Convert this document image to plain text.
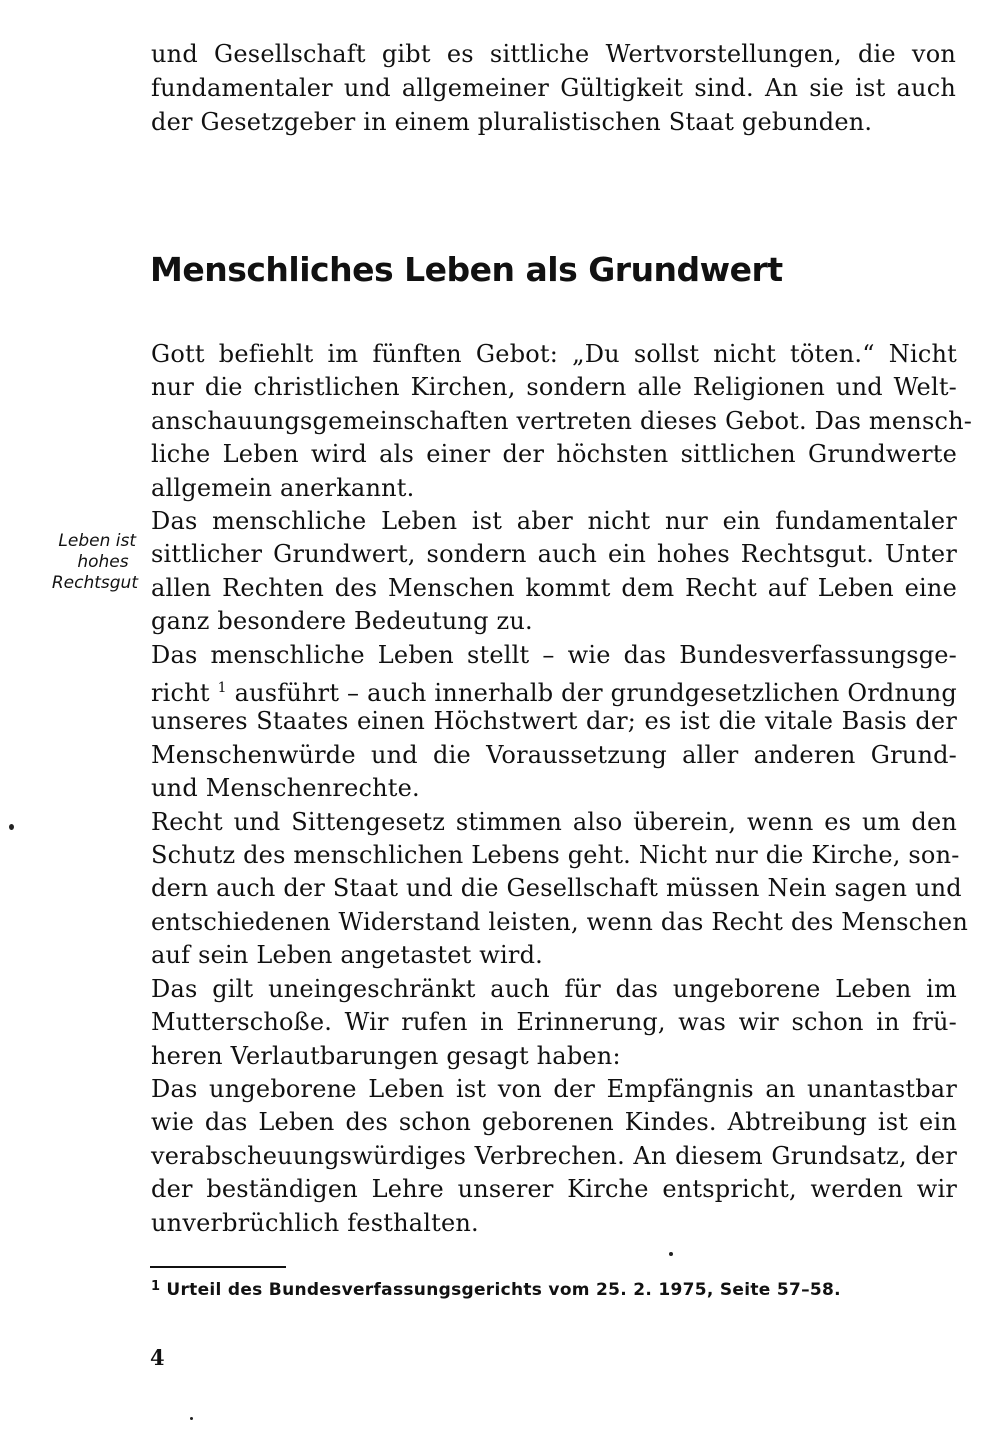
und Gesellschaft gibt es sittliche Wertvorstellungen, die von
fundamentaler und allgemeiner Gültigkeit sind. An sie ist auch
der Gesetzgeber in einem pluralistischen Staat gebunden.
Menschliches Leben als Grundwert
Leben ist
hohes
Rechtsgut
Gott befiehlt im fünften Gebot: „Du sollst nicht töten.“ Nicht
nur die christlichen Kirchen, sondern alle Religionen und Welt-
anschauungsgemeinschaften vertreten dieses Gebot. Das mensch-
liche Leben wird als einer der höchsten sittlichen Grundwerte
allgemein anerkannt.
Das menschliche Leben ist aber nicht nur ein fundamentaler
sittlicher Grundwert, sondern auch ein hohes Rechtsgut. Unter
allen Rechten des Menschen kommt dem Recht auf Leben eine
ganz besondere Bedeutung zu.
Das menschliche Leben stellt – wie das Bundesverfassungsge-
richt $^1$ ausführt – auch innerhalb der grundgesetzlichen Ordnung
unseres Staates einen Höchstwert dar; es ist die vitale Basis der
Menschenwürde und die Voraussetzung aller anderen Grund-
und Menschenrechte.
Recht und Sittengesetz stimmen also überein, wenn es um den
Schutz des menschlichen Lebens geht. Nicht nur die Kirche, son-
dern auch der Staat und die Gesellschaft müssen Nein sagen und
entschiedenen Widerstand leisten, wenn das Recht des Menschen
auf sein Leben angetastet wird.
Das gilt uneingeschränkt auch für das ungeborene Leben im
Mutterschoße. Wir rufen in Erinnerung, was wir schon in frü-
heren Verlautbarungen gesagt haben:
Das ungeborene Leben ist von der Empfängnis an unantastbar
wie das Leben des schon geborenen Kindes. Abtreibung ist ein
verabscheuungswürdiges Verbrechen. An diesem Grundsatz, der
der beständigen Lehre unserer Kirche entspricht, werden wir
unverbrüchlich festhalten.
$^1$ Urteil des Bundesverfassungsgerichts vom 25. 2. 1975, Seite 57–58.
4
